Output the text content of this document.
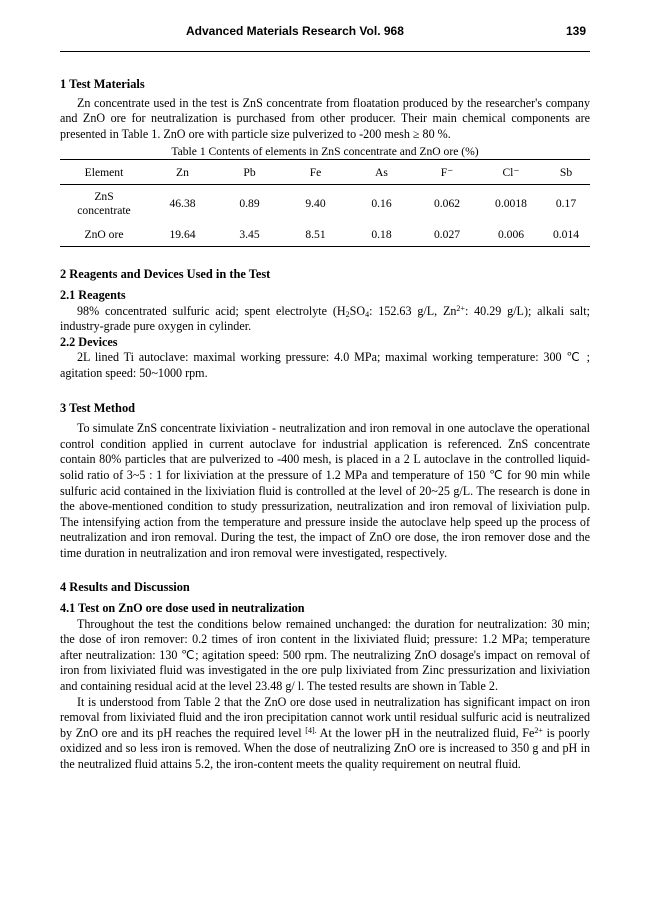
Advanced Materials Research Vol. 968	139
1 Test Materials

Zn concentrate used in the test is ZnS concentrate from floatation produced by the researcher's company and ZnO ore for neutralization is purchased from other producer. Their main chemical components are presented in Table 1. ZnO ore with particle size pulverized to -200 mesh ≥ 80 %.

Table 1 Contents of elements in ZnS concentrate and ZnO ore (%)
Element	Zn	Pb	Fe	As	F⁻	Cl⁻	Sb
ZnS concentrate	46.38	0.89	9.40	0.16	0.062	0.0018	0.17
ZnO ore	19.64	3.45	8.51	0.18	0.027	0.006	0.014
2 Reagents and Devices Used in the Test
2.1 Reagents

98% concentrated sulfuric acid; spent electrolyte ($H_2SO_4$: 152.63 g/L, $Zn^{2+}$: 40.29 g/L); alkali salt; industry-grade pure oxygen in cylinder.

2.2 Devices

2L lined Ti autoclave: maximal working pressure: 4.0 MPa; maximal working temperature: 300 ℃ ; agitation speed: 50~1000 rpm.

3 Test Method

To simulate ZnS concentrate lixiviation - neutralization and iron removal in one autoclave the operational control condition applied in current autoclave for industrial application is referenced. ZnS concentrate contain 80% particles that are pulverized to -400 mesh, is placed in a 2 L autoclave in the controlled liquid-solid ratio of 3~5 : 1 for lixiviation at the pressure of 1.2 MPa and temperature of 150 ℃ for 90 min while sulfuric acid contained in the lixiviation fluid is controlled at the level of 20~25 g/L. The research is done in the above-mentioned condition to study pressurization, neutralization and iron removal of lixiviation pulp. The intensifying action from the temperature and pressure inside the autoclave help speed up the process of neutralization and iron removal. During the test, the impact of ZnO ore dose, the iron remover dose and the time duration in neutralization and iron removal were investigated, respectively.

4 Results and Discussion
4.1 Test on ZnO ore dose used in neutralization

Throughout the test the conditions below remained unchanged: the duration for neutralization: 30 min; the dose of iron remover: 0.2 times of iron content in the lixiviated fluid; pressure: 1.2 MPa; temperature after neutralization: 130 ℃; agitation speed: 500 rpm. The neutralizing ZnO dosage's impact on removal of iron from lixiviated fluid was investigated in the ore pulp lixiviated from Zinc pressurization and lixiviation and containing residual acid at the level 23.48 g/ l. The tested results are shown in Table 2.

It is understood from Table 2 that the ZnO ore dose used in neutralization has significant impact on iron removal from lixiviated fluid and the iron precipitation cannot work until residual sulfuric acid is neutralized by ZnO ore and its pH reaches the required level $^{[4].}$ At the lower pH in the neutralized fluid, $Fe^{2+}$ is poorly oxidized and so less iron is removed. When the dose of neutralizing ZnO ore is increased to 350 g and pH in the neutralized fluid attains 5.2, the iron-content meets the quality requirement on neutral fluid.
